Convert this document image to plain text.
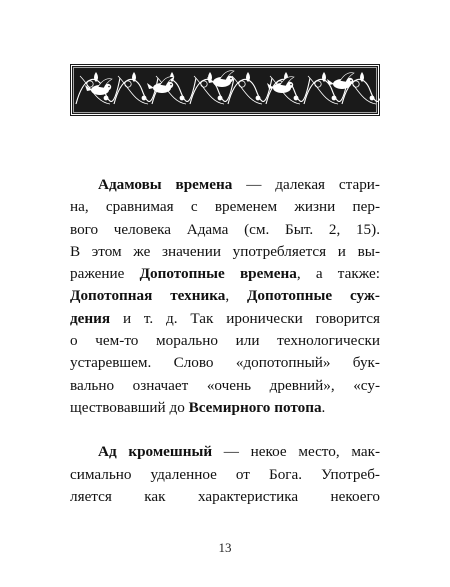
Адамовы времена — далекая стари-
на, сравнимая с временем жизни пер-
вого человека Адама (см. Быт. 2, 15).
В этом же значении употребляется и вы-
ражение Допотопные времена, а также:
Допотопная техника, Допотопные суж-
дения и т. д. Так иронически говорится
о чем-то морально или технологически
устаревшем. Слово «допотопный» бук-
вально означает «очень древний», «су-
ществовавший до Всемирного потопа.
Ад кромешный — некое место, мак-
симально удаленное от Бога. Употреб-
ляется как характеристика некоего
13
